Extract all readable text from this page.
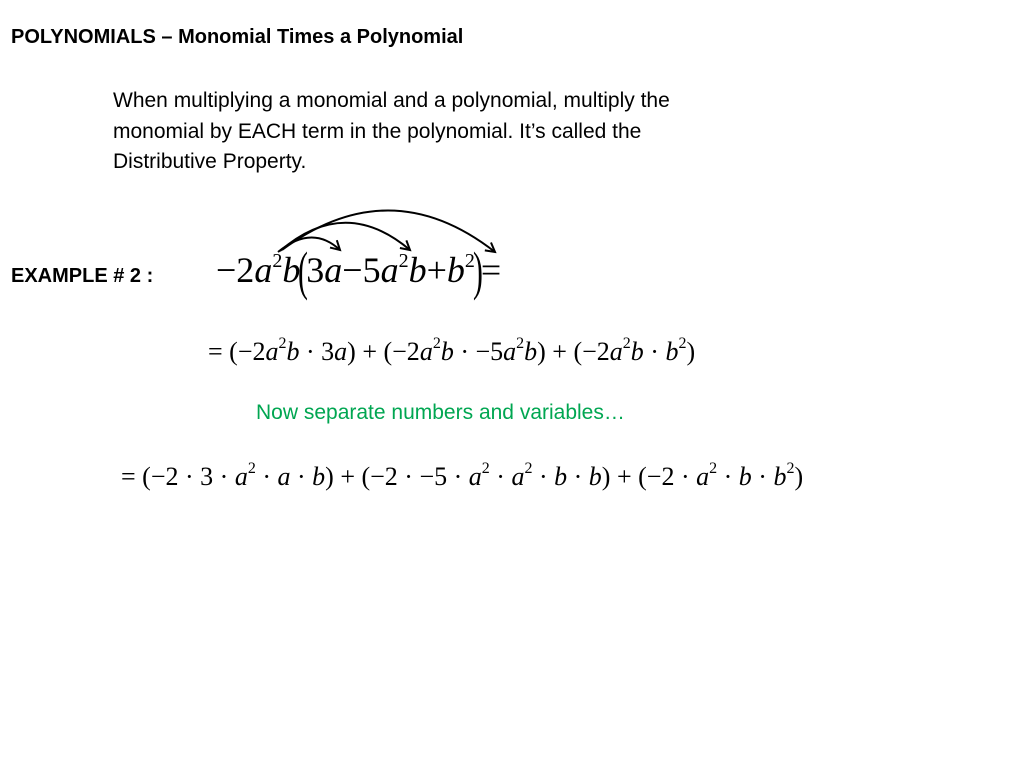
POLYNOMIALS – Monomial Times a Polynomial
When multiplying a monomial and a polynomial, multiply the
monomial by EACH term in the polynomial. It’s called the
Distributive Property.
EXAMPLE # 2 : $-2a^2b(3a-5a^2b+b^2)=$
= $(-2a^2b \cdot 3a) + (-2a^2b \cdot -5a^2b) + (-2a^2b \cdot b^2)$
Now separate numbers and variables…
= $(-2 \cdot 3 \cdot a^2 \cdot a \cdot b) + (-2 \cdot -5 \cdot a^2 \cdot a^2 \cdot b \cdot b) + (-2 \cdot a^2 \cdot b \cdot b^2)$
